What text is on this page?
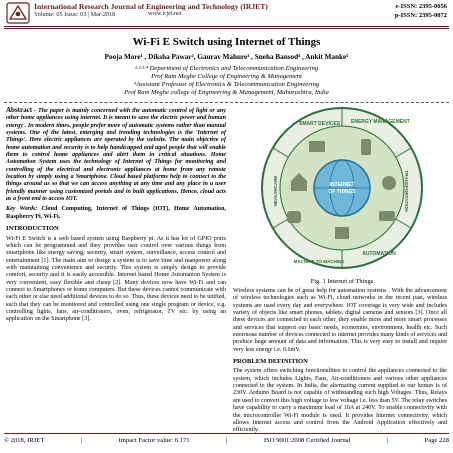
International Research Journal of Engineering and Technology (IRJET)
Volume: 05 Issue: 03 | Mar-2018	www.irjet.net
e-ISSN: 2395-0056
p-ISSN: 2395-0072
Wi-Fi E Switch using Internet of Things
Pooja More¹ , Diksha Pawar², Gaurav Mahure³ , Sneha Bansod⁴ , Ankit Manke⁵
¹·²·³·⁴ Department of Electronics and Telecommunication Engineering
Prof Ram Meghe College of Engineering & Management
⁵Assistant Professor of Electronics & Telecommunication Engineering
Prof Ram Meghe college of Engineering & Management, Maharashtra, India

Abstract - The paper is mainly concerned with the automatic control of light or any other home appliances using internet. It is meant to save the electric power and human energy . In modern times, people prefer more of automatic systems rather than manual systems. One of the latest, emerging and trending technologies is the 'Internet of Things'. Here electric appliances are operated by the website. The main objective of home automation and security is to help handicapped and aged people that will enable them to control home appliances and alert them in critical situations. Home Automation System uses the technology of Internet of Things for monitoring and controlling of the electrical and electronic appliances at home from any remote location by simply using a Smartphone. Cloud based platforms help to connect to the things around us so that we can access anything at any time and any place in a user friendly manner using customized portals and in built applications. Hence, cloud acts as a front end to access IOT.

Key Words: Cloud Computing, Internet of Things (IOT), Home Automation, Raspberry Pi, Wi-Fi.

INTRODUCTION

Wi-Fi E Switch is a web based system using Raspberry pi. As it has lot of GPIO ports which can be programmed and they provides user control over various things from smartphone like energy saving, security, smart system, surveillance, access control and entertainment [1]. The main aim to design a system is to save time and manpower along with maintaining convenience and security. This system is simply design to provide comfort, security and it is easily accessible. Internet based Home Automation System is very convenient, easy flexible and cheap [2]. Many devices now have Wi-Fi and can connect to Smartphones or home computers. But these devices cannot communicate with each other or else need additional devices to do so. Thus, these devices need to be unified, such that they can be monitored and controlled using one single program or device, e.g. controlling lights, fans, air-conditioners, oven, refrigerator, TV etc. by using an application on the Smartphone [3].

INTERNET
OF THINGS
SMART DEVICES ENERGY MANAGEMENT
TRANSPORTATION
AUTOMATION
MACHINE TO MACHINE
HEALTHCARE
Fig. 1 Internet of Things

Wireless systems can be of great help for automation systems . With the advancement of wireless technologies such as Wi-Fi, cloud networks in the recent past, wireless systems are used every day and everywhere. IOT coverage is very wide and includes variety of objects like smart phones, tablets, digital cameras and sensors [3]. Once all these devices are connected to each other, they enable more and more smart processes and services that support our basic needs, economies, environment, health etc. Such enormous number of devices connected to internet provides many kinds of services and produce huge amount of data and information. This is very easy to install and require very less energy i.e. 0.6mV.

PROBLEM DEFINITION

The system offers switching functionalities to control the appliances connected to the system, which includes Lights, Fans, Air-conditioners and various other appliances connected to the system. In India, the alternating current supplied to our homes is of 230V. Arduino Board is not capable of withstanding such high Voltages. Thus, Relays are used to convert this high voltage to low voltage i.e. less than 5V. The relay switches have capability to carry a maximum load of 10A at 240V. To enable connectivity with the microcontroller Wi-Fi module is used. It provides Internet connectivity, which allows Internet access and control from the Android Application effectively and efficiently.

© 2018, IRJET	|	Impact Factor value: 6.171	|	ISO 9001:2008 Certified Journal	|	Page 228
